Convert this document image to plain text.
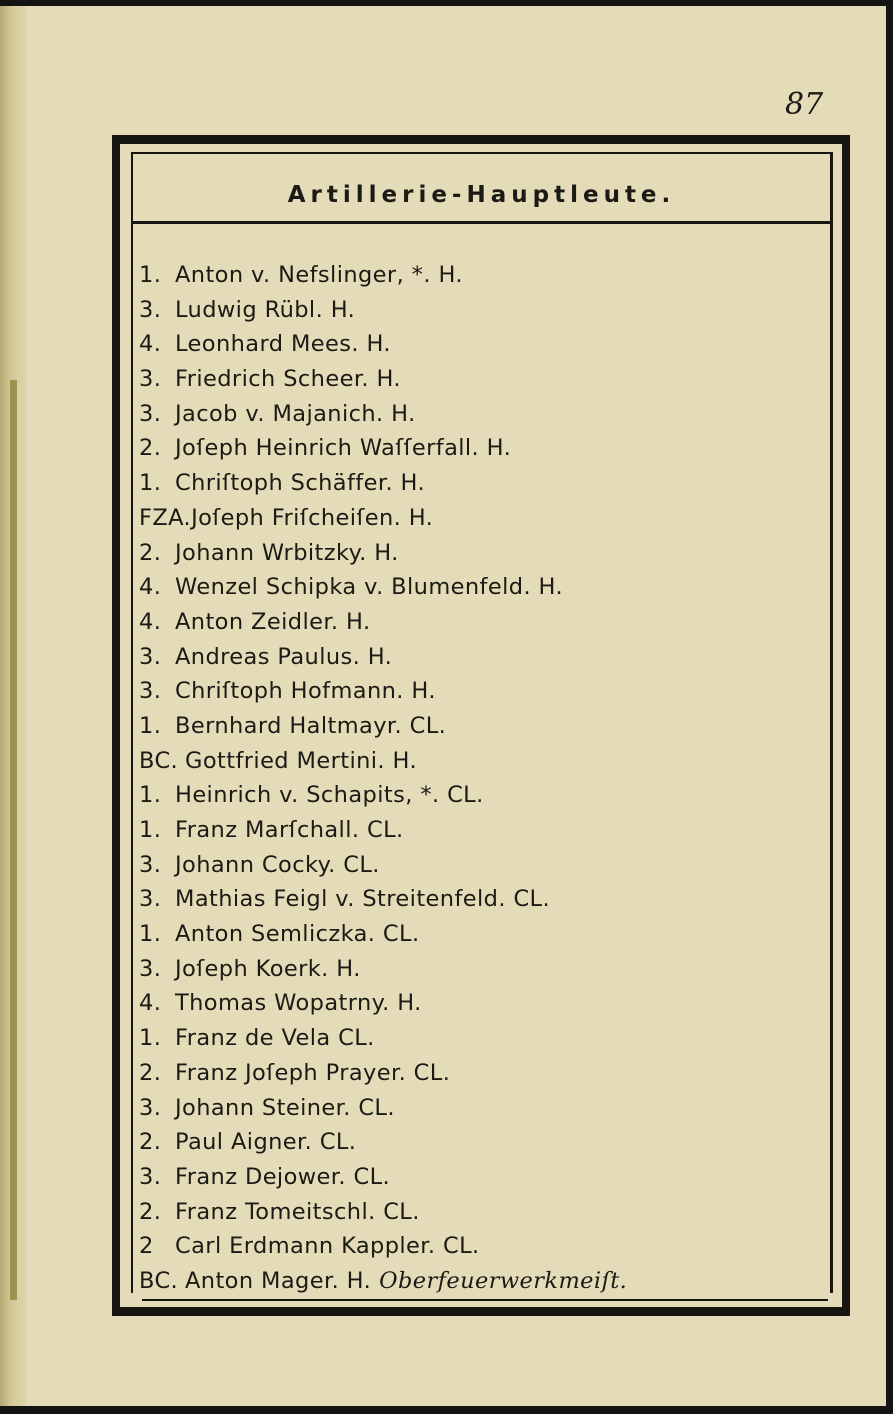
87
Artillerie-Hauptleute.
1. Anton v. Nefslinger, *. H.
3. Ludwig Rübl. H.
4. Leonhard Mees. H.
3. Friedrich Scheer. H.
3. Jacob v. Majanich. H.
2. Joſeph Heinrich Waſſerfall. H.
1. Chriſtoph Schäffer. H.
FZA.Joſeph Friſcheiſen. H.
2. Johann Wrbitzky. H.
4. Wenzel Schipka v. Blumenfeld. H.
4. Anton Zeidler. H.
3. Andreas Paulus. H.
3. Chriſtoph Hofmann. H.
1. Bernhard Haltmayr. CL.
BC. Gottfried Mertini. H.
1. Heinrich v. Schapits, *. CL.
1. Franz Marſchall. CL.
3. Johann Cocky. CL.
3. Mathias Feigl v. Streitenfeld. CL.
1. Anton Semliczka. CL.
3. Joſeph Koerk. H.
4. Thomas Wopatrny. H.
1. Franz de Vela CL.
2. Franz Joſeph Prayer. CL.
3. Johann Steiner. CL.
2. Paul Aigner. CL.
3. Franz Dejower. CL.
2. Franz Tomeitschl. CL.
2 Carl Erdmann Kappler. CL.
BC. Anton Mager. H. Oberfeuerwerkmeiſt.
